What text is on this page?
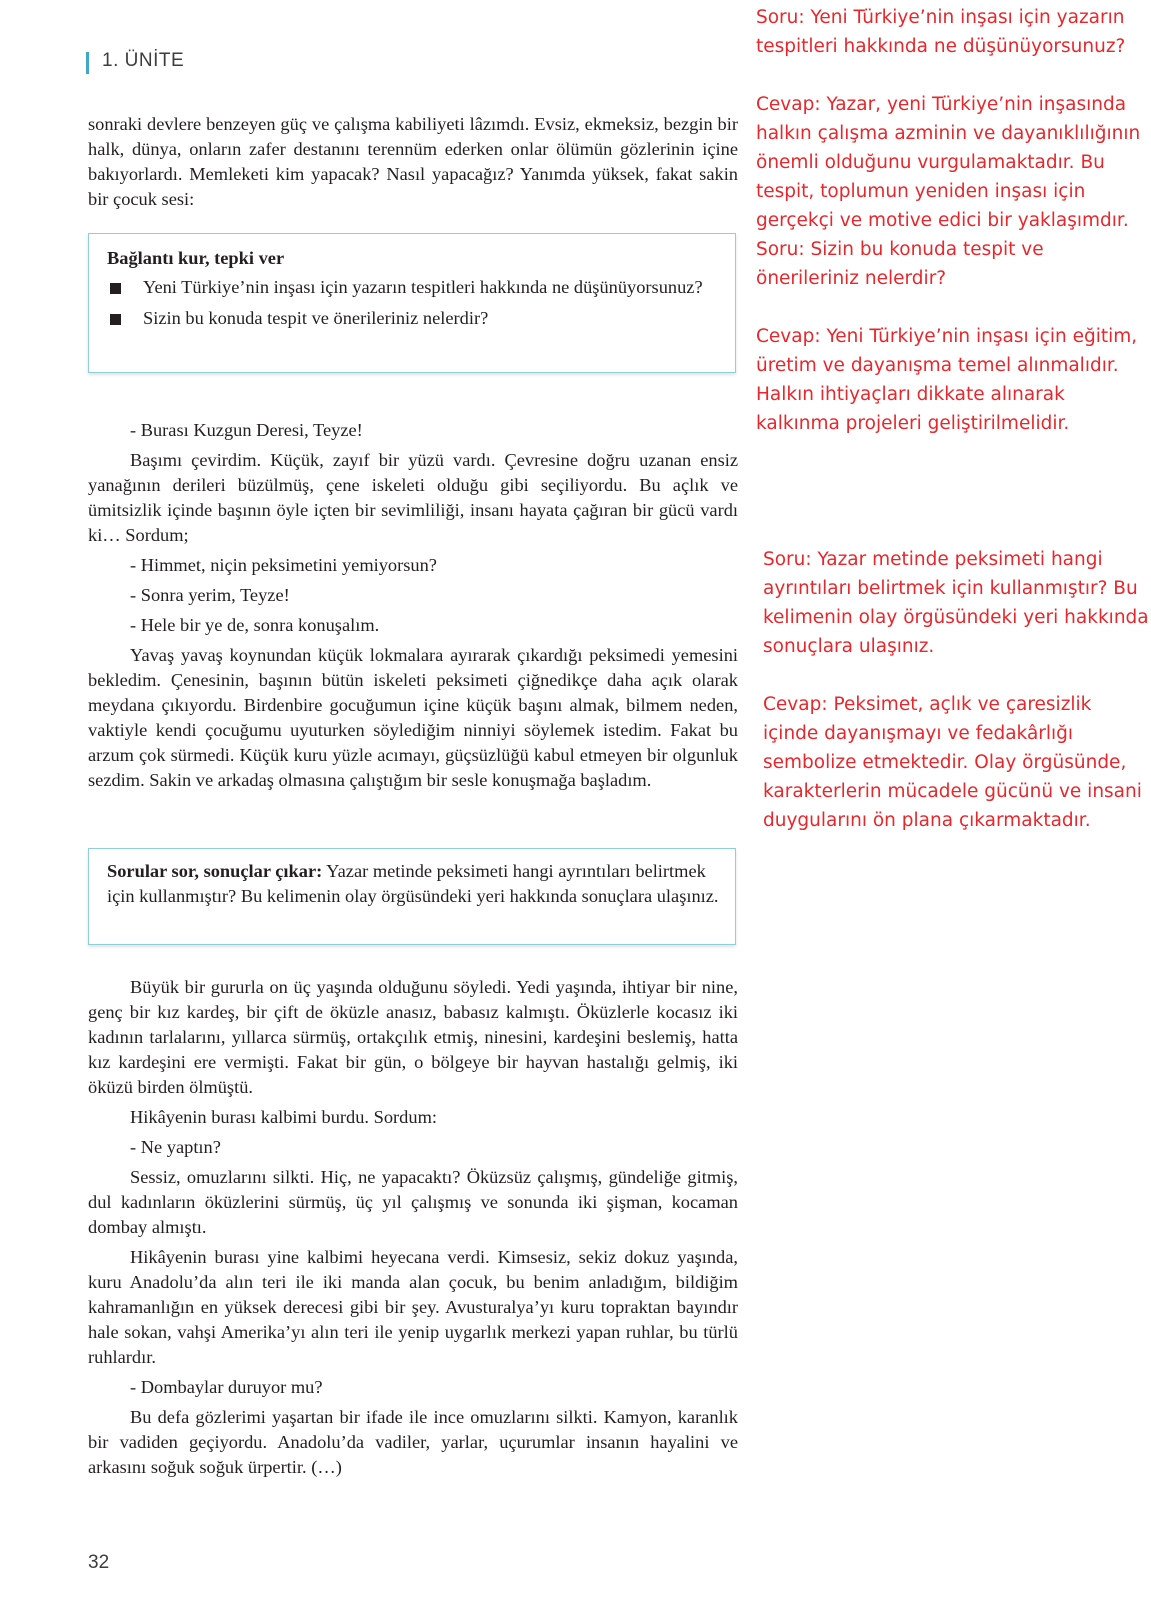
1. ÜNİTE

sonraki devlere benzeyen güç ve çalışma kabiliyeti lâzımdı. Evsiz, ekmeksiz, bezgin bir halk, dünya, onların zafer destanını terennüm ederken onlar ölümün gözlerinin içine bakıyorlardı. Memleketi kim yapacak? Nasıl yapacağız? Yanımda yüksek, fakat sakin bir çocuk sesi:

Bağlantı kur, tepki ver
Yeni Türkiye’nin inşası için yazarın tespitleri hakkında ne düşünüyorsunuz?
Sizin bu konuda tespit ve önerileriniz nelerdir?

- Burası Kuzgun Deresi, Teyze!

Başımı çevirdim. Küçük, zayıf bir yüzü vardı. Çevresine doğru uzanan ensiz yanağının derileri büzülmüş, çene iskeleti olduğu gibi seçiliyordu. Bu açlık ve ümitsizlik içinde başının öyle içten bir sevimliliği, insanı hayata çağıran bir gücü vardı ki… Sordum;

- Himmet, niçin peksimetini yemiyorsun?

- Sonra yerim, Teyze!

- Hele bir ye de, sonra konuşalım.

Yavaş yavaş koynundan küçük lokmalara ayırarak çıkardığı peksimedi yemesini bekledim. Çenesinin, başının bütün iskeleti peksimeti çiğnedikçe daha açık olarak meydana çıkıyordu. Birdenbire gocuğumun içine küçük başını almak, bilmem neden, vaktiyle kendi çocuğumu uyuturken söylediğim ninniyi söylemek istedim. Fakat bu arzum çok sürmedi. Küçük kuru yüzle acımayı, güçsüzlüğü kabul etmeyen bir olgunluk sezdim. Sakin ve arkadaş olmasına çalıştığım bir sesle konuşmağa başladım.

Sorular sor, sonuçlar çıkar: Yazar metinde peksimeti hangi ayrıntıları belirtmek için kullanmıştır? Bu kelimenin olay örgüsündeki yeri hakkında sonuçlara ulaşınız.

Büyük bir gururla on üç yaşında olduğunu söyledi. Yedi yaşında, ihtiyar bir nine, genç bir kız kardeş, bir çift de öküzle anasız, babasız kalmıştı. Öküzlerle kocasız iki kadının tarlalarını, yıllarca sürmüş, ortakçılık etmiş, ninesini, kardeşini beslemiş, hatta kız kardeşini ere vermişti. Fakat bir gün, o bölgeye bir hayvan hastalığı gelmiş, iki öküzü birden ölmüştü.

Hikâyenin burası kalbimi burdu. Sordum:

- Ne yaptın?

Sessiz, omuzlarını silkti. Hiç, ne yapacaktı? Öküzsüz çalışmış, gündeliğe gitmiş, dul kadınların öküzlerini sürmüş, üç yıl çalışmış ve sonunda iki şişman, kocaman dombay almıştı.

Hikâyenin burası yine kalbimi heyecana verdi. Kimsesiz, sekiz dokuz yaşında, kuru Anadolu’da alın teri ile iki manda alan çocuk, bu benim anladığım, bildiğim kahramanlığın en yüksek derecesi gibi bir şey. Avusturalya’yı kuru topraktan bayındır hale sokan, vahşi Amerika’yı alın teri ile yenip uygarlık merkezi yapan ruhlar, bu türlü ruhlardır.

- Dombaylar duruyor mu?

Bu defa gözlerimi yaşartan bir ifade ile ince omuzlarını silkti. Kamyon, karanlık bir vadiden geçiyordu. Anadolu’da vadiler, yarlar, uçurumlar insanın hayalini ve arkasını soğuk soğuk ürpertir. (…)

32
Soru: Yeni Türkiye’nin inşası için yazarın tespitleri hakkında ne düşünüyorsunuz?

Cevap: Yazar, yeni Türkiye’nin inşasında halkın çalışma azminin ve dayanıklılığının önemli olduğunu vurgulamaktadır. Bu tespit, toplumun yeniden inşası için gerçekçi ve motive edici bir yaklaşımdır.
Soru: Sizin bu konuda tespit ve önerileriniz nelerdir?

Cevap: Yeni Türkiye’nin inşası için eğitim, üretim ve dayanışma temel alınmalıdır. Halkın ihtiyaçları dikkate alınarak kalkınma projeleri geliştirilmelidir.
Soru: Yazar metinde peksimeti hangi ayrıntıları belirtmek için kullanmıştır? Bu kelimenin olay örgüsündeki yeri hakkında sonuçlara ulaşınız.

Cevap: Peksimet, açlık ve çaresizlik içinde dayanışmayı ve fedakârlığı sembolize etmektedir. Olay örgüsünde, karakterlerin mücadele gücünü ve insani duygularını ön plana çıkarmaktadır.
